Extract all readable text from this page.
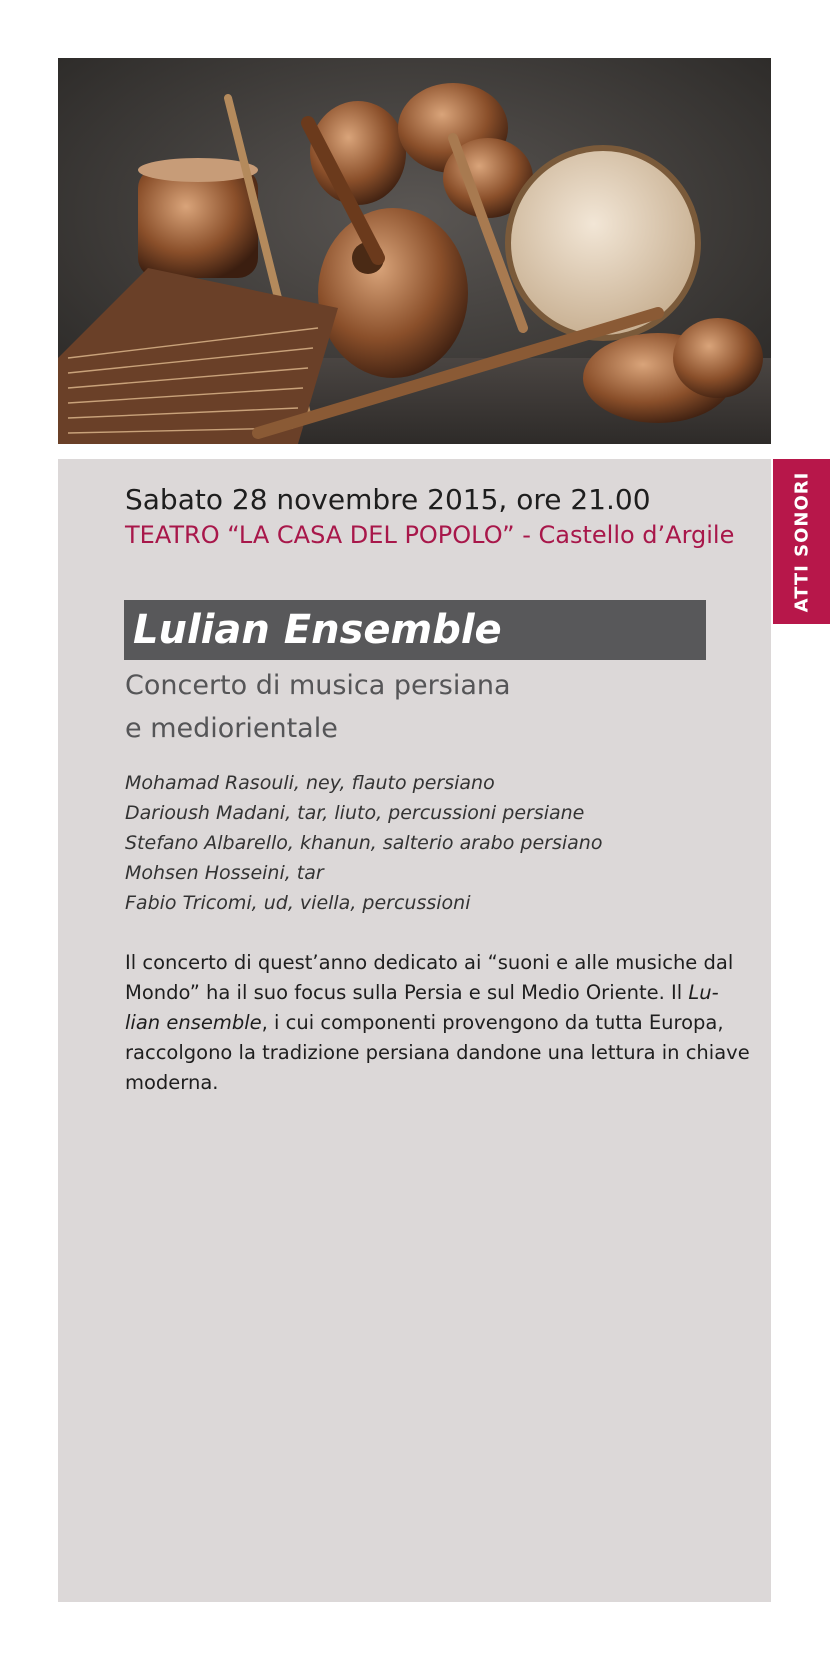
ATTI SONORI
Sabato 28 novembre 2015, ore 21.00
TEATRO “LA CASA DEL POPOLO” - Castello d’Argile
Lulian Ensemble
Concerto di musica persiana
e mediorientale
Mohamad Rasouli, ney, flauto persiano
Darioush Madani, tar, liuto, percussioni persiane
Stefano Albarello, khanun, salterio arabo persiano
Mohsen Hosseini, tar
Fabio Tricomi, ud, viella, percussioni
Il concerto di quest’anno dedicato ai “suoni e alle musiche dal
Mondo” ha il suo focus sulla Persia e sul Medio Oriente. Il Lu-
lian ensemble, i cui componenti provengono da tutta Europa,
raccolgono la tradizione persiana dandone una lettura in chiave
moderna.
